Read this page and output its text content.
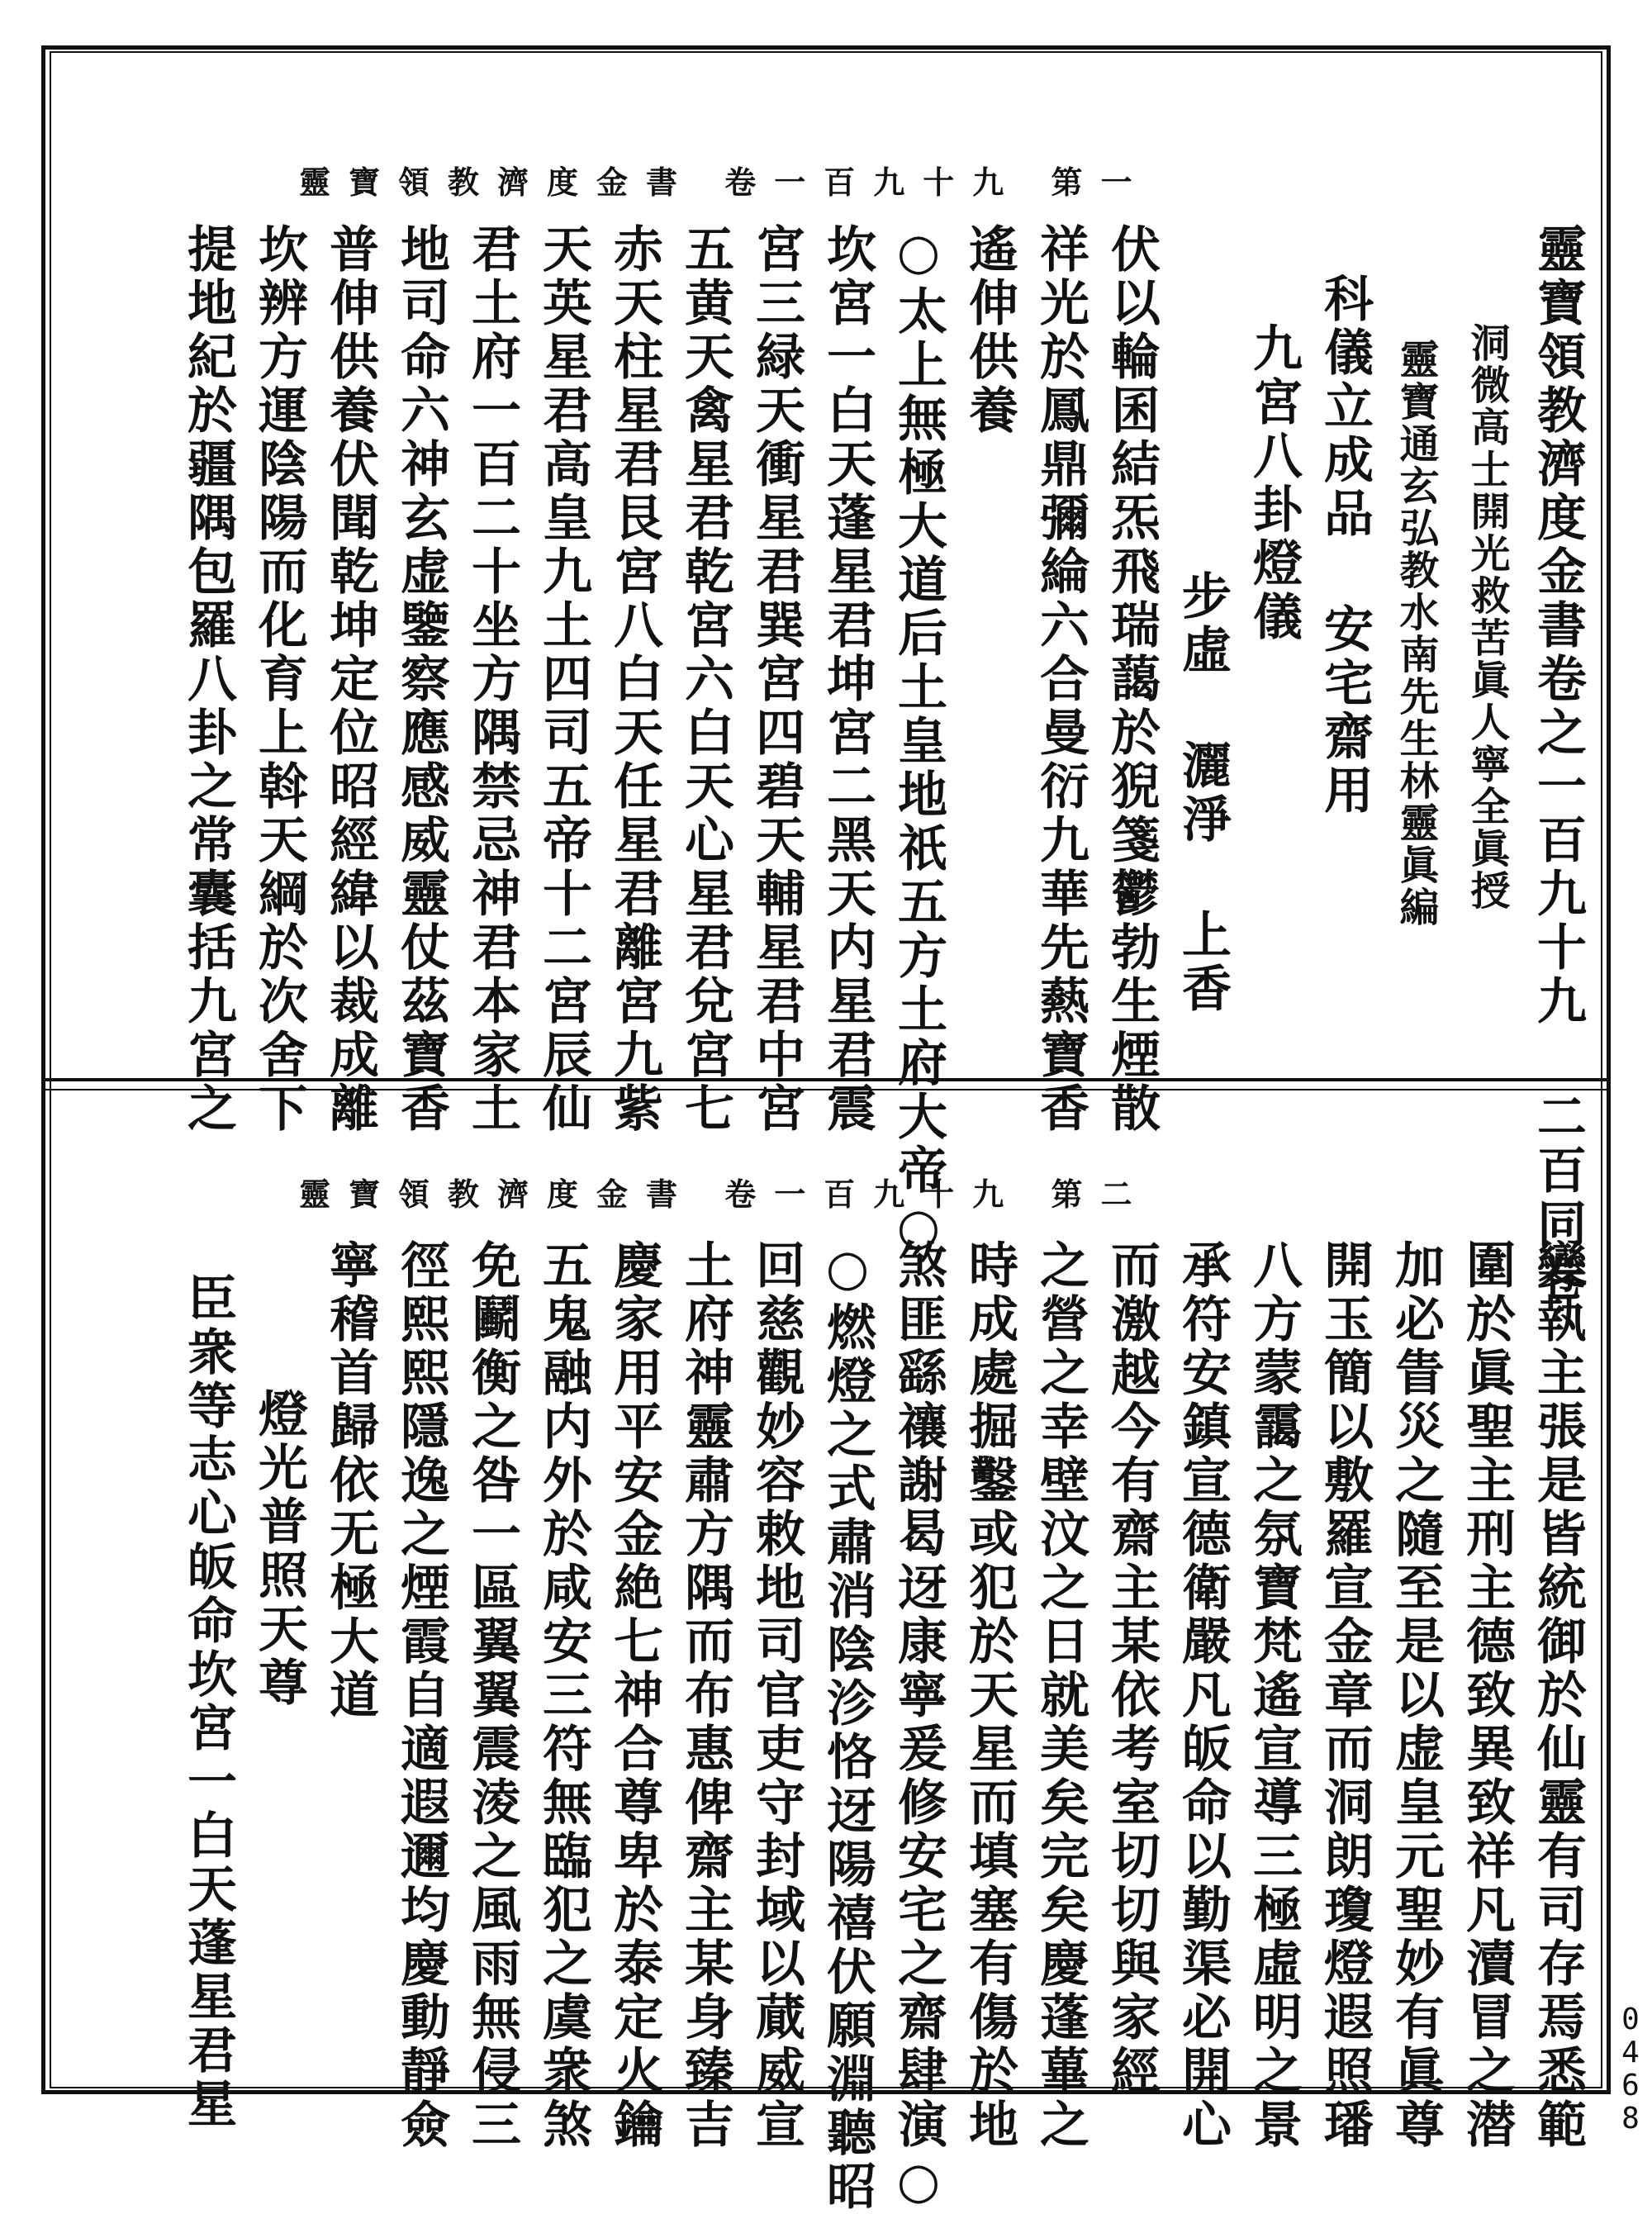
靈寶領教濟度金書 卷一百九十九 第一
靈寶領教濟度金書卷之一百九十九 二百同卷
洞微高士開光救苦眞人寧全眞授
靈寶通玄弘教水南先生林靈眞編
科儀立成品 安宅齋用
九宮八卦燈儀
步虛 灑淨 上香
伏以輪囷結炁飛瑞藹於猊箋鬱勃生煙散
祥光於鳳鼎彌綸六合曼衍九華先爇寶香
遙伸供養
○太上無極大道后土皇地祇五方土府大帝○
坎宮一白天蓬星君坤宮二黑天内星君震
宮三緑天衝星君巽宮四碧天輔星君中宮
五黄天禽星君乾宮六白天心星君兌宮七
赤天柱星君艮宮八白天任星君離宮九紫
天英星君高皇九土四司五帝十二宮辰仙
君土府一百二十坐方隅禁忌神君本家土
地司命六神玄虚鑒察應感威靈仗茲寶香
普伸供養伏聞乾坤定位昭經緯以裁成離
坎辨方運陰陽而化育上斡天綱於次舍下
提地紀於疆隅包羅八卦之常囊括九宮之
靈寶領教濟度金書 卷一百九十九 第二
變執主張是皆統御於仙靈有司存焉悉範
圍於眞聖主刑主德致異致祥凡瀆冒之潜
加必眚災之隨至是以虚皇元聖妙有眞尊
開玉簡以敷羅宣金章而洞朗瓊燈遐照璠
八方蒙靄之氛寶梵遙宣導三極虛明之景
承符安鎮宣德衛嚴凡皈命以勤渠必開心
而激越今有齋主某依考室切切與家經
之營之幸壁汶之日就美矣完矣慶蓬蓽之
時成處掘鑿或犯於天星而填塞有傷於地
煞匪繇禳謝曷迓康寧爰修安宅之齋肆演○
○燃燈之式肅消陰沴恪迓陽禧伏願淵聽昭
回慈觀妙容敕地司官吏守封域以蕆威宣
土府神靈肅方隅而布惠俾齋主某身臻吉
慶家用平安金絶七神合尊卑於泰定火鑰
五鬼融内外於咸安三符無臨犯之虞衆煞
免鬬衡之咎一區翼翼震淩之風雨無侵三
徑熙熙隱逸之煙霞自適遐邇均慶動靜僉
寧稽首歸依无極大道
燈光普照天尊
臣衆等志心皈命坎宮一白天蓬星君星	0
4
6
8
